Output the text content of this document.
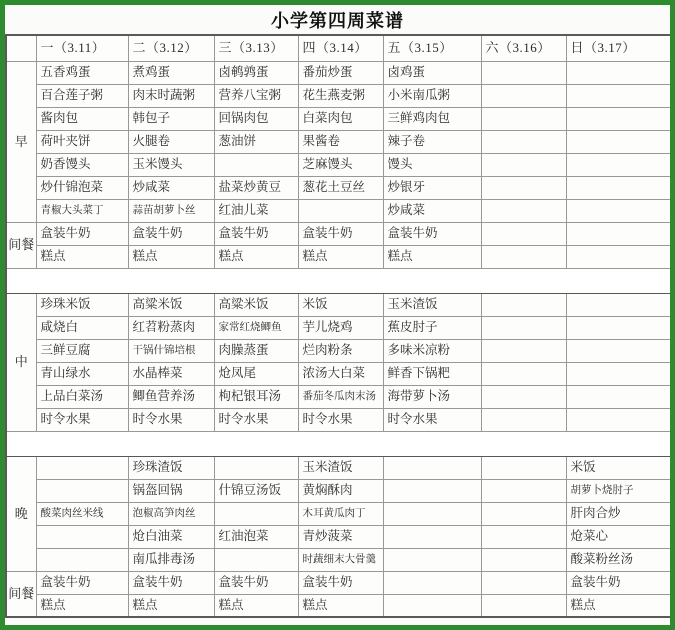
小学第四周菜谱
	一（3.11）	二（3.12）	三（3.13）	四（3.14）	五（3.15）	六（3.16）	日（3.17）
早	五香鸡蛋	煮鸡蛋	卤鹌鹑蛋	番茄炒蛋	卤鸡蛋		
	百合莲子粥	肉末时蔬粥	营养八宝粥	花生燕麦粥	小米南瓜粥		
	酱肉包	韩包子	回锅肉包	白菜肉包	三鲜鸡肉包		
	荷叶夹饼	火腿卷	葱油饼	果酱卷	辣子卷		
	奶香馒头	玉米馒头		芝麻馒头	馒头		
	炒什锦泡菜	炒咸菜	盐菜炒黄豆	葱花土豆丝	炒银牙		
	青椒大头菜丁	蒜苗胡萝卜丝	红油儿菜		炒咸菜		
间餐	盒装牛奶	盒装牛奶	盒装牛奶	盒装牛奶	盒装牛奶		
	糕点	糕点	糕点	糕点	糕点		

中	珍珠米饭	高粱米饭	高粱米饭	米饭	玉米渣饭		
	咸烧白	红苕粉蒸肉	家常红烧鲫鱼	芋儿烧鸡	蕉皮肘子		
	三鲜豆腐	干锅什锦培根	肉臊蒸蛋	烂肉粉条	多味米凉粉		
	青山绿水	水晶棒菜	炝凤尾	浓汤大白菜	鲜香下锅粑		
	上品白菜汤	鲫鱼营养汤	枸杞银耳汤	番茄冬瓜肉末汤	海带萝卜汤		
	时令水果	时令水果	时令水果	时令水果	时令水果		

晚		珍珠渣饭		玉米渣饭			米饭
		锅盔回锅	什锦豆汤饭	黄焖酥肉			胡萝卜烧肘子
	酸菜肉丝米线	泡椒高笋肉丝		木耳黄瓜肉丁			肝肉合炒
		炝白油菜	红油泡菜	青炒菠菜			炝菜心
		南瓜排毒汤		时蔬细末大骨羹			酸菜粉丝汤
间餐	盒装牛奶	盒装牛奶	盒装牛奶	盒装牛奶			盒装牛奶
	糕点	糕点	糕点	糕点			糕点
